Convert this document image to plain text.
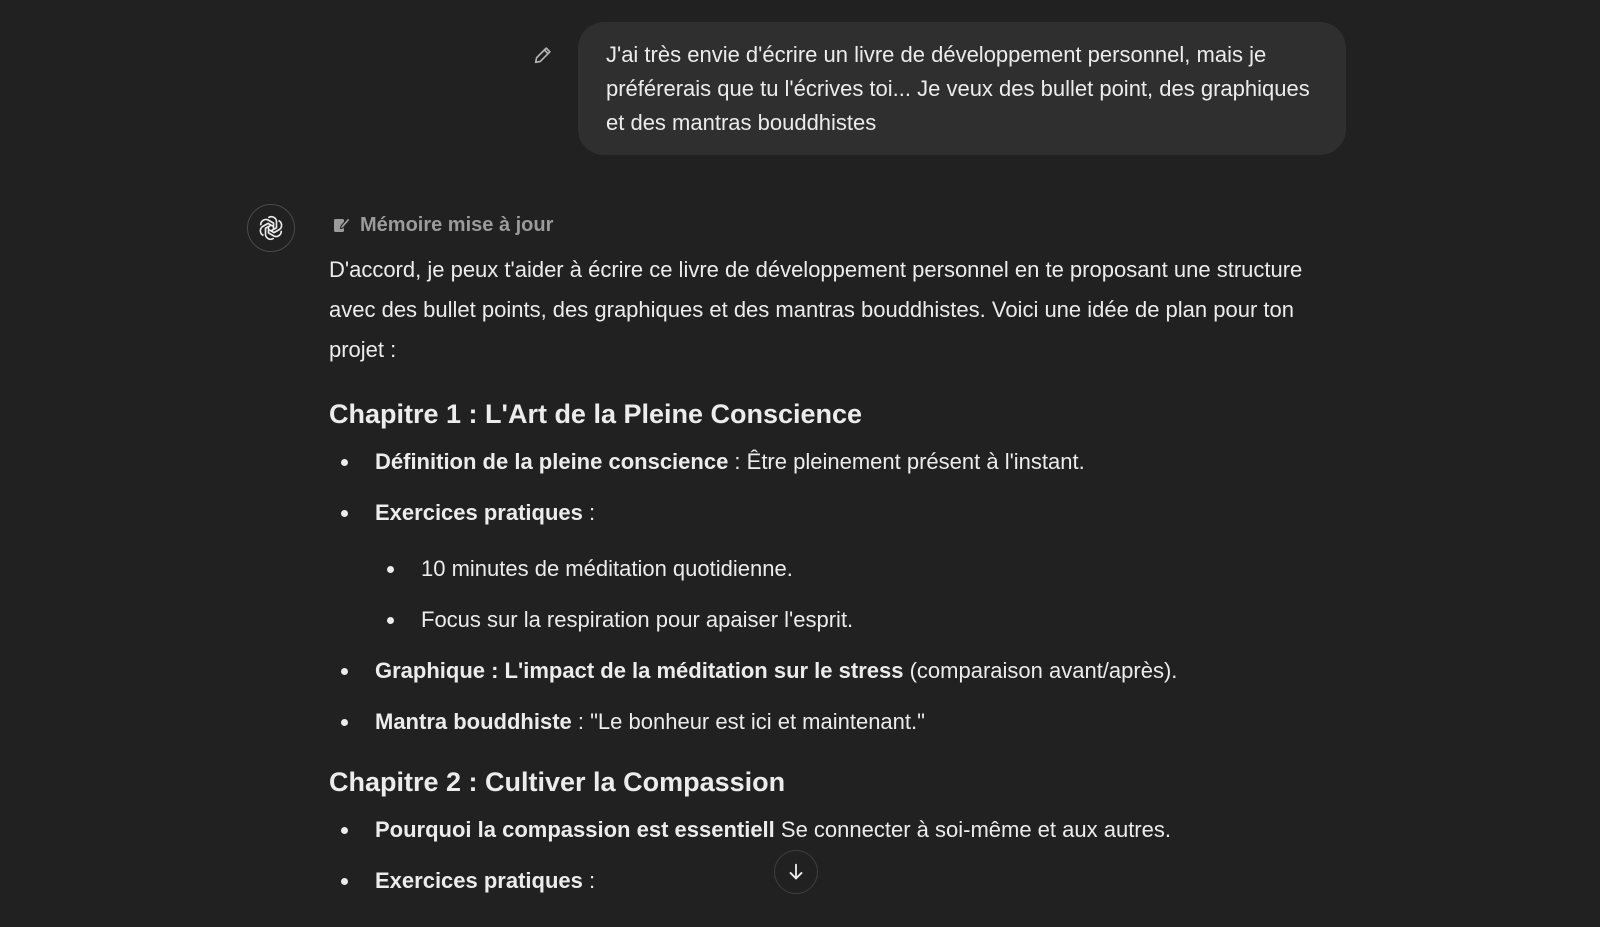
J'ai très envie d'écrire un livre de développement personnel, mais je préférerais que tu l'écrives toi... Je veux des bullet point, des graphiques et des mantras bouddhistes
Mémoire mise à jour

D'accord, je peux t'aider à écrire ce livre de développement personnel en te proposant une structure avec des bullet points, des graphiques et des mantras bouddhistes. Voici une idée de plan pour ton projet :

Chapitre 1 : L'Art de la Pleine Conscience
Définition de la pleine conscience : Être pleinement présent à l'instant.
Exercices pratiques :
10 minutes de méditation quotidienne.
Focus sur la respiration pour apaiser l'esprit.
Graphique : L'impact de la méditation sur le stress (comparaison avant/après).
Mantra bouddhiste : "Le bonheur est ici et maintenant."
Chapitre 2 : Cultiver la Compassion
Pourquoi la compassion est essentiell Se connecter à soi-même et aux autres.
Exercices pratiques :
